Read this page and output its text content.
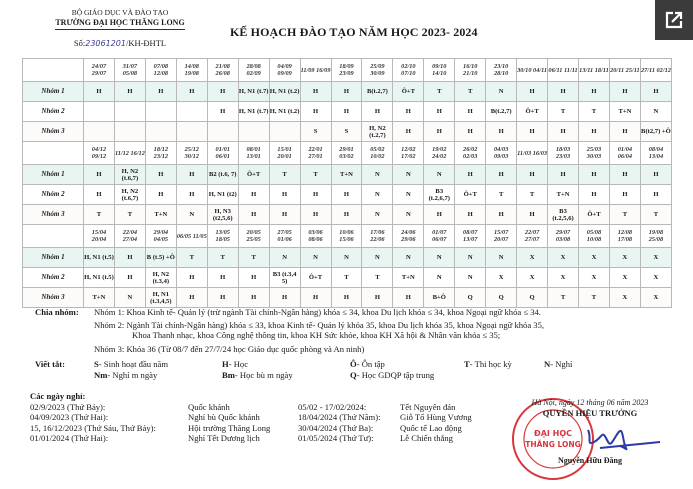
BỘ GIÁO DỤC VÀ ĐÀO TẠO
TRƯỜNG ĐẠI HỌC THĂNG LONG
Số:23061201/KH-ĐHTL
KẾ HOẠCH ĐÀO TẠO NĂM HỌC 2023- 2024
	24/07 29/07	31/07 05/08	07/08 12/08	14/08 19/08	21/08 26/08	28/08 02/09	04/09 09/09	11/09 16/09	18/09 23/09	25/09 30/09	02/10 07/10	09/10 14/10	16/10 21/10	23/10 28/10	30/10 04/11	06/11 11/11	13/11 18/11	20/11 25/11	27/11 02/12
Nhóm 1	H	H	H	H	H	H, N1 (t.7)	H, N1 (t.2)	H	H	B(t.2,7)	Ô+T	T	T	N	H	H	H	H	H
Nhóm 2					H	H, N1 (t.7)	H, N1 (t.2)	H	H	H	H	H	H	B(t.2,7)	Ô+T	T	T	T+N	N
Nhóm 3								S	S	H, N2 (t.2,7)	H	H	H	H	H	H	H	H	B(t2,7) +Ô
	04/12 09/12	11/12 16/12	18/12 23/12	25/12 30/12	01/01 06/01	08/01 13/01	15/01 20/01	22/01 27/01	29/01 03/02	05/02 10/02	12/02 17/02	19/02 24/02	26/02 02/03	04/03 09/03	11/03 16/03	18/03 23/03	25/03 30/03	01/04 06/04	08/04 13/04
Nhóm 1	H	H, N2 (t.6,7)	H	H	B2 (t.6, 7)	Ô+T	T	T	T+N	N	N	N	H	H	H	H	H	H	H
Nhóm 2	H	H, N2 (t.6,7)	H	H	H, N1 (t2)	H	H	H	H	N	N	B3 (t.2,6,7)	Ô+T	T	T	T+N	H	H	H
Nhóm 3	T	T	T+N	N	H, N3 (t2,5,6)	H	H	H	H	N	N	H	H	H	H	B3 (t.2,5,6)	Ô+T	T	T
	15/04 20/04	22/04 27/04	29/04 04/05	06/05 11/05	13/05 18/05	20/05 25/05	27/05 01/06	03/06 08/06	10/06 15/06	17/06 22/06	24/06 29/06	01/07 06/07	08/07 13/07	15/07 20/07	22/07 27/07	29/07 03/08	05/08 10/08	12/08 17/08	19/08 25/08
Nhóm 1	H, N1 (t.5)	H	B (t.5) +Ô	T	T	T	N	N	N	N	N	N	N	N	X	X	X	X	X
Nhóm 2	H, N1 (t.5)	H	H, N2 (t.3,4)	H	H	H	B3 (t.3,4 5)	Ô+T	T	T	T+N	N	N	X	X	X	X	X	X
Nhóm 3	T+N	N	H, N1 (t.3,4,5)	H	H	H	H	H	H	H	H	B+Ô	Q	Q	Q	T	T	X	X
Chia nhóm:	Nhóm 1: Khoa Kinh tế- Quản lý (trừ ngành Tài chính-Ngân hàng) khóa ≤ 34, khoa Du lịch khóa ≤ 34, khoa Ngoại ngữ khóa ≤ 34.
Nhóm 2: Ngành Tài chính-Ngân hàng) khóa ≤ 33, khoa Kinh tế- Quản lý khóa 35, khoa Du lịch khóa 35, khoa Ngoại ngữ khóa 35,
Khoa Thanh nhạc, khoa Công nghệ thông tin, khoa KH Sức khỏe, khoa KH Xã hội & Nhân văn khóa ≤ 35;
Nhóm 3: Khóa 36 (Từ 08/7 đến 27/7/24 học Giáo dục quốc phòng và An ninh)
Viết tắt:	S- Sinh hoạt đầu năm	H- Học	Ô- Ôn tập	T- Thi học kỳ	N- Nghỉ
Nm- Nghỉ m ngày	Bm- Học bù m ngày	Q- Học GDQP tập trung
Các ngày nghỉ:
02/9/2023 (Thứ Bảy):	Quốc khánh	05/02 - 17/02/2024:	Tết Nguyên đán
04/09/2023 (Thứ Hai):	Nghỉ bù Quốc khánh	18/04/2024 (Thứ Năm):	Giỗ Tổ Hùng Vương
15, 16/12/2023 (Thứ Sáu, Thứ Bảy):	Hội trường Thăng Long	30/04/2024 (Thứ Ba):	Quốc tế Lao động
01/01/2024 (Thứ Hai):	Nghỉ Tết Dương lịch	01/05/2024 (Thứ Tư):	Lễ Chiến thắng	ĐẠI HỌC
THĂNG LONG
Hà Nội, ngày 12 tháng 06 năm 2023
QUYỀN HIỆU TRƯỞNG
Nguyễn Hữu Đăng
